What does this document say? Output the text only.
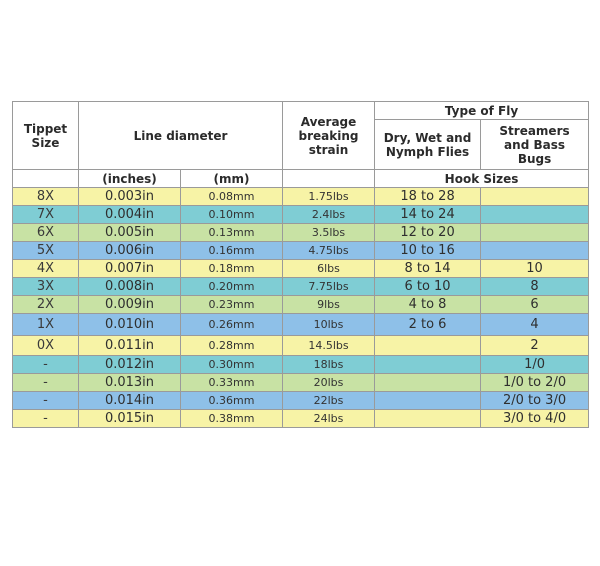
Tippet Size	Line diameter		Average breaking strain	Type of Fly	
				Dry, Wet and Nymph Flies	Streamers and Bass Bugs
	(inches)	(mm)		Hook Sizes	
8X	0.003in	0.08mm	1.75lbs	18 to 28	
7X	0.004in	0.10mm	2.4lbs	14 to 24	
6X	0.005in	0.13mm	3.5lbs	12 to 20	
5X	0.006in	0.16mm	4.75lbs	10 to 16	
4X	0.007in	0.18mm	6lbs	8 to 14	10
3X	0.008in	0.20mm	7.75lbs	6 to 10	8
2X	0.009in	0.23mm	9lbs	4 to 8	6
1X	0.010in	0.26mm	10lbs	2 to 6	4
0X	0.011in	0.28mm	14.5lbs		2
-	0.012in	0.30mm	18lbs		1/0
-	0.013in	0.33mm	20lbs		1/0 to 2/0
-	0.014in	0.36mm	22lbs		2/0 to 3/0
-	0.015in	0.38mm	24lbs		3/0 to 4/0
